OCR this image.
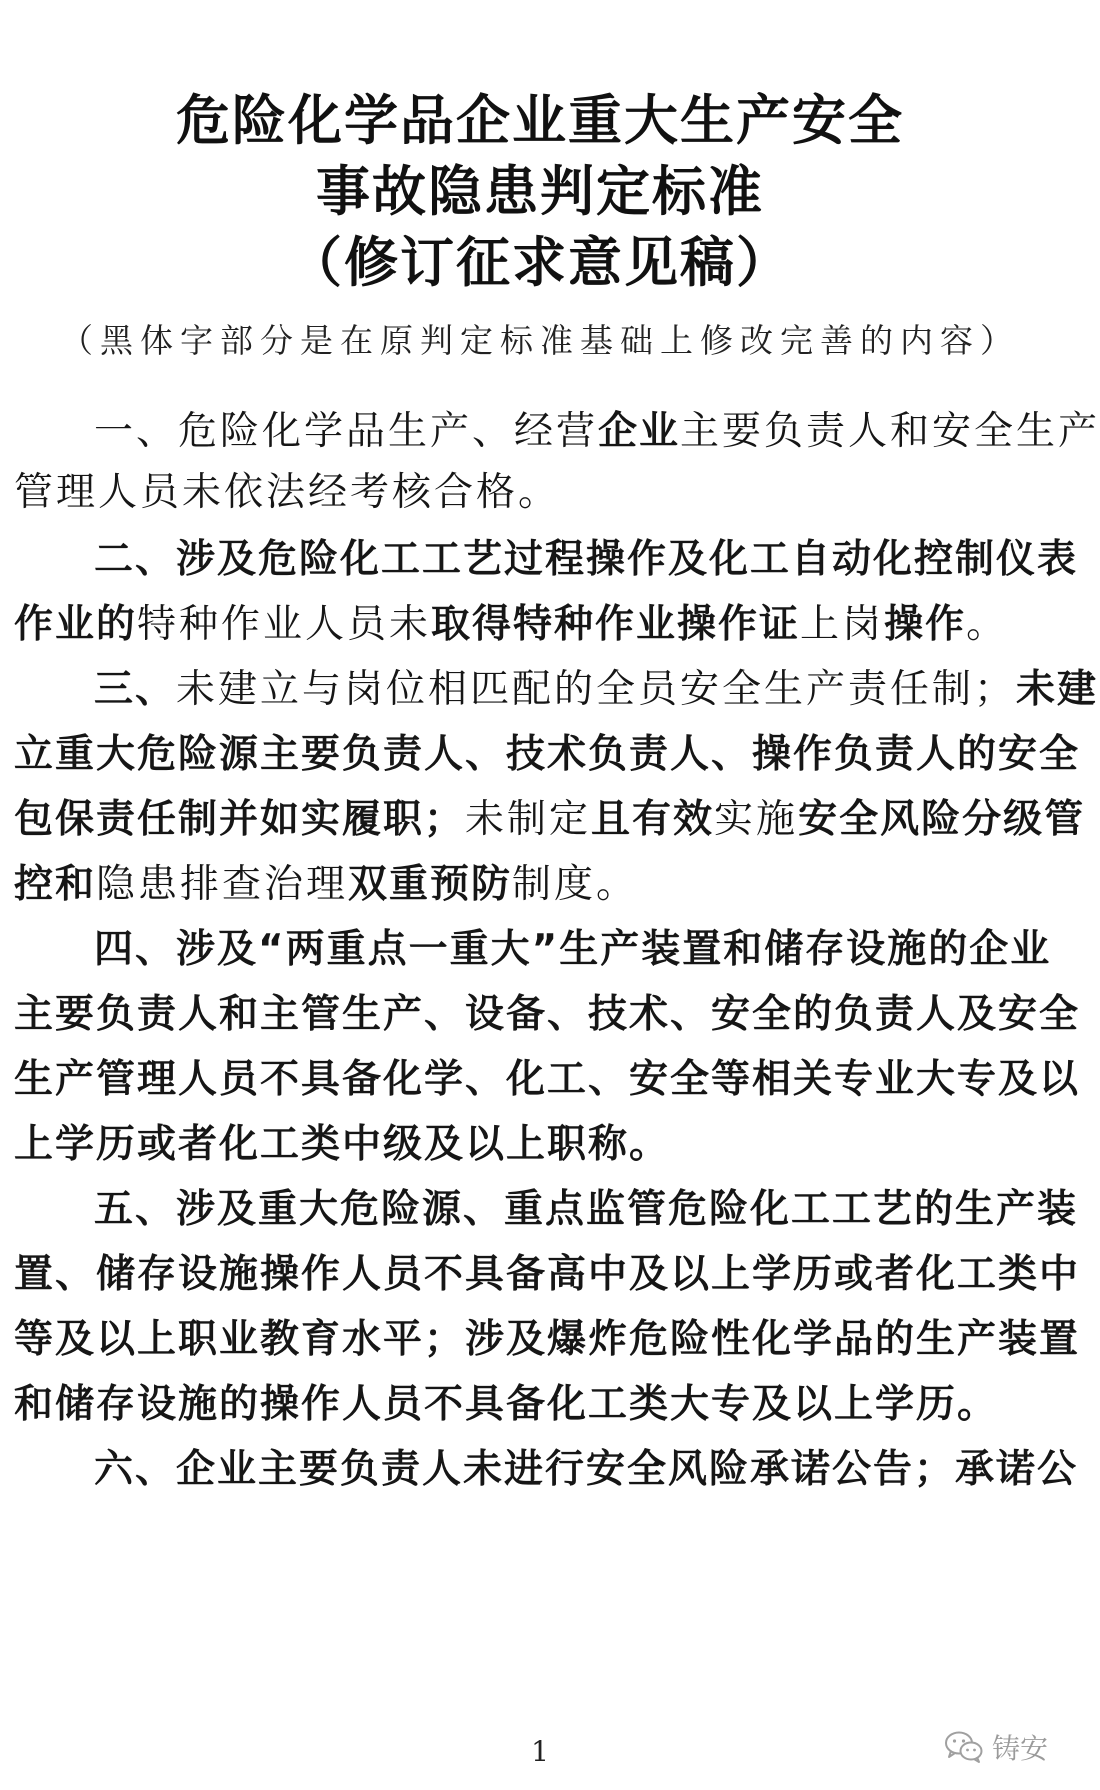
危险化学品企业重大生产安全
事故隐患判定标准
（修订征求意见稿）
（黑体字部分是在原判定标准基础上修改完善的内容）
一、危险化学品生产、经营企业主要负责人和安全生产
管理人员未依法经考核合格。
二、涉及危险化工工艺过程操作及化工自动化控制仪表
作业的特种作业人员未取得特种作业操作证上岗操作。
三、未建立与岗位相匹配的全员安全生产责任制；未建
立重大危险源主要负责人、技术负责人、操作负责人的安全
包保责任制并如实履职；未制定且有效实施安全风险分级管
控和隐患排查治理双重预防制度。
四、涉及“两重点一重大”生产装置和储存设施的企业
主要负责人和主管生产、设备、技术、安全的负责人及安全
生产管理人员不具备化学、化工、安全等相关专业大专及以
上学历或者化工类中级及以上职称。
五、涉及重大危险源、重点监管危险化工工艺的生产装
置、储存设施操作人员不具备高中及以上学历或者化工类中
等及以上职业教育水平；涉及爆炸危险性化学品的生产装置
和储存设施的操作人员不具备化工类大专及以上学历。
六、企业主要负责人未进行安全风险承诺公告；承诺公
1	铸安
